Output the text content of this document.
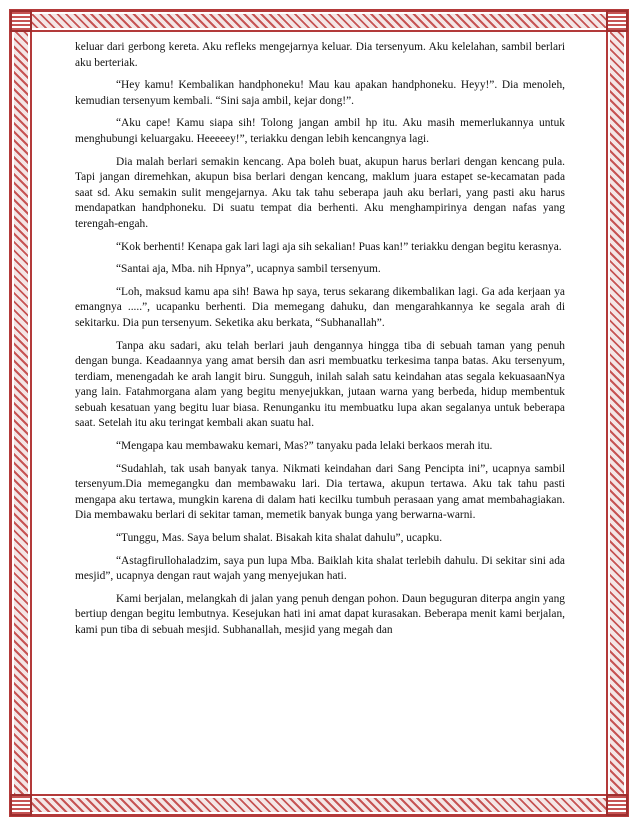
keluar dari gerbong kereta. Aku refleks mengejarnya keluar. Dia tersenyum. Aku kelelahan, sambil berlari aku berteriak.

“Hey kamu! Kembalikan handphoneku! Mau kau apakan handphoneku. Heyy!”. Dia menoleh, kemudian tersenyum kembali. “Sini saja ambil, kejar dong!”.

“Aku cape! Kamu siapa sih! Tolong jangan ambil hp itu. Aku masih memerlukannya untuk menghubungi keluargaku. Heeeeey!”, teriakku dengan lebih kencangnya lagi.

Dia malah berlari semakin kencang. Apa boleh buat, akupun harus berlari dengan kencang pula. Tapi jangan diremehkan, akupun bisa berlari dengan kencang, maklum juara estapet se-kecamatan pada saat sd. Aku semakin sulit mengejarnya. Aku tak tahu seberapa jauh aku berlari, yang pasti aku harus mendapatkan handphoneku. Di suatu tempat dia berhenti. Aku menghampirinya dengan nafas yang terengah-engah.

“Kok berhenti! Kenapa gak lari lagi aja sih sekalian! Puas kan!” teriakku dengan begitu kerasnya.

“Santai aja, Mba. nih Hpnya”, ucapnya sambil tersenyum.

“Loh, maksud kamu apa sih! Bawa hp saya, terus sekarang dikembalikan lagi. Ga ada kerjaan ya emangnya .....”, ucapanku berhenti. Dia memegang dahuku, dan mengarahkannya ke segala arah di sekitarku. Dia pun tersenyum. Seketika aku berkata, “Subhanallah”.

Tanpa aku sadari, aku telah berlari jauh dengannya hingga tiba di sebuah taman yang penuh dengan bunga. Keadaannya yang amat bersih dan asri membuatku terkesima tanpa batas. Aku tersenyum, terdiam, menengadah ke arah langit biru. Sungguh, inilah salah satu keindahan atas segala kekuasaanNya yang lain. Fatahmorgana alam yang begitu menyejukkan, jutaan warna yang berbeda, hidup membentuk sebuah kesatuan yang begitu luar biasa. Renunganku itu membuatku lupa akan segalanya untuk beberapa saat. Setelah itu aku teringat kembali akan suatu hal.

“Mengapa kau membawaku kemari, Mas?” tanyaku pada lelaki berkaos merah itu.

“Sudahlah, tak usah banyak tanya. Nikmati keindahan dari Sang Pencipta ini”, ucapnya sambil tersenyum.Dia memegangku dan membawaku lari. Dia tertawa, akupun tertawa. Aku tak tahu pasti mengapa aku tertawa, mungkin karena di dalam hati kecilku tumbuh perasaan yang amat membahagiakan. Dia membawaku berlari di sekitar taman, memetik banyak bunga yang berwarna-warni.

“Tunggu, Mas. Saya belum shalat. Bisakah kita shalat dahulu”, ucapku.

“Astagfirullohaladzim, saya pun lupa Mba. Baiklah kita shalat terlebih dahulu. Di sekitar sini ada mesjid”, ucapnya dengan raut wajah yang menyejukan hati.

Kami berjalan, melangkah di jalan yang penuh dengan pohon. Daun beguguran diterpa angin yang bertiup dengan begitu lembutnya. Kesejukan hati ini amat dapat kurasakan. Beberapa menit kami berjalan, kami pun tiba di sebuah mesjid. Subhanallah, mesjid yang megah dan
